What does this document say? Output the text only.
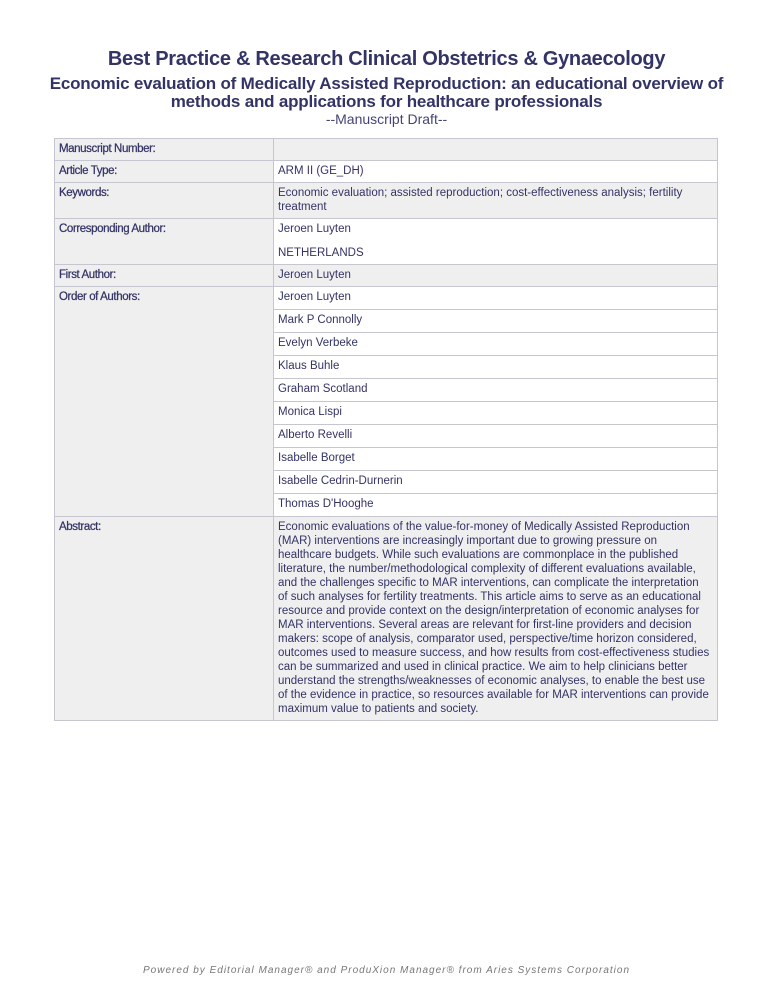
Best Practice & Research Clinical Obstetrics & Gynaecology
Economic evaluation of Medically Assisted Reproduction: an educational overview of methods and applications for healthcare professionals
--Manuscript Draft--
Manuscript Number:	
Article Type:	ARM II (GE_DH)
Keywords:	Economic evaluation; assisted reproduction; cost-effectiveness analysis; fertility treatment
Corresponding Author:	Jeroen Luyten
NETHERLANDS

First Author:	Jeroen Luyten
Order of Authors:	Jeroen Luyten
	Mark P Connolly
	Evelyn Verbeke
	Klaus Buhle
	Graham Scotland
	Monica Lispi
	Alberto Revelli
	Isabelle Borget
	Isabelle Cedrin-Durnerin
	Thomas D'Hooghe
Abstract:	Economic evaluations of the value-for-money of Medically Assisted Reproduction (MAR) interventions are increasingly important due to growing pressure on healthcare budgets. While such evaluations are commonplace in the published literature, the number/methodological complexity of different evaluations available, and the challenges specific to MAR interventions, can complicate the interpretation of such analyses for fertility treatments. This article aims to serve as an educational resource and provide context on the design/interpretation of economic analyses for MAR interventions. Several areas are relevant for first-line providers and decision makers: scope of analysis, comparator used, perspective/time horizon considered, outcomes used to measure success, and how results from cost-effectiveness studies can be summarized and used in clinical practice. We aim to help clinicians better understand the strengths/weaknesses of economic analyses, to enable the best use of the evidence in practice, so resources available for MAR interventions can provide maximum value to patients and society.
Powered by Editorial Manager® and ProduXion Manager® from Aries Systems Corporation
